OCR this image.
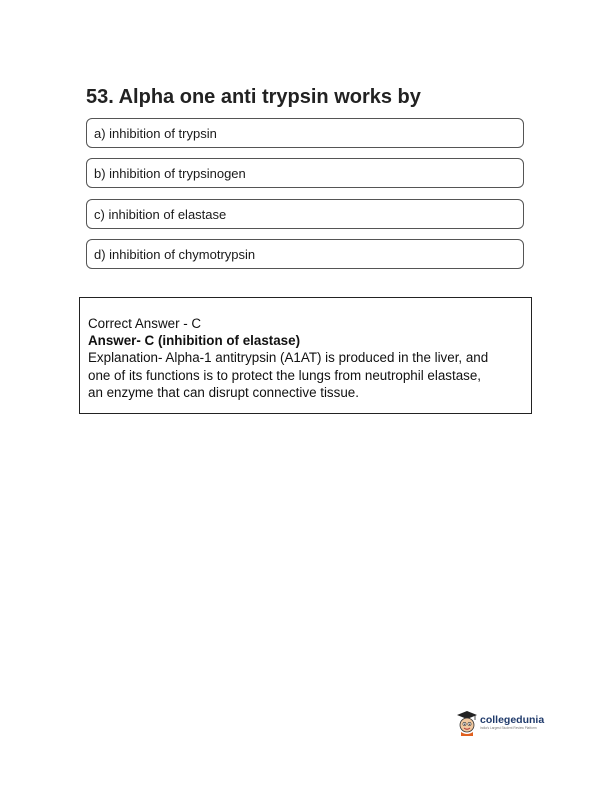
53. Alpha one anti trypsin works by
a) inhibition of trypsin
b) inhibition of trypsinogen
c) inhibition of elastase
d) inhibition of chymotrypsin
Correct Answer - C
Answer- C (inhibition of elastase)
Explanation- Alpha-1 antitrypsin (A1AT) is produced in the liver, and
one of its functions is to protect the lungs from neutrophil elastase,
an enzyme that can disrupt connective tissue.
collegedunia
India's Largest Student Review Platform
